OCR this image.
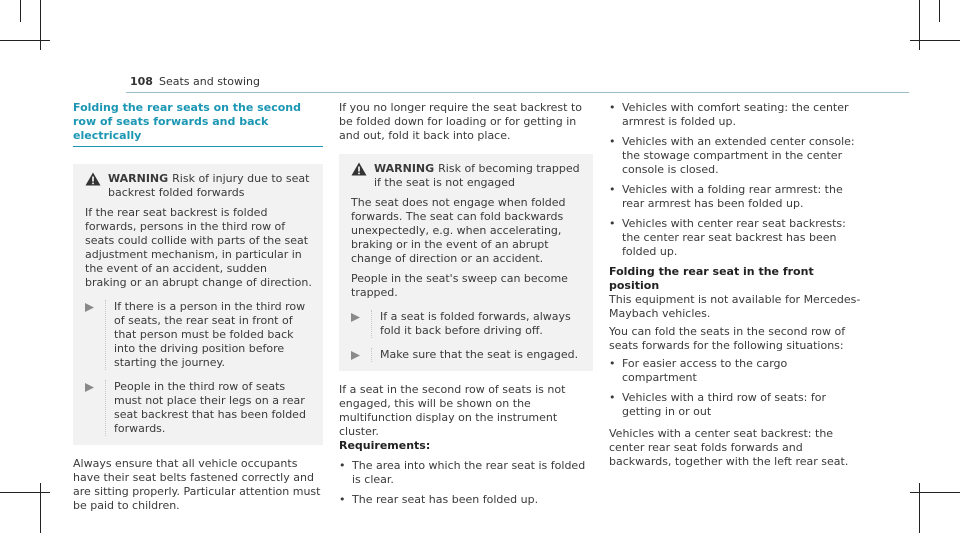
108 Seats and stowing
Folding the rear seats on the second row of seats forwards and back electrically
WARNING Risk of injury due to seat backrest folded forwards

If the rear seat backrest is folded forwards, persons in the third row of seats could collide with parts of the seat adjustment mechanism, in particular in the event of an accident, sudden braking or an abrupt change of direction.

If there is a person in the third row of seats, the rear seat in front of that person must be folded back into the driving position before starting the journey.
People in the third row of seats must not place their legs on a rear seat backrest that has been folded forwards.

Always ensure that all vehicle occupants have their seat belts fastened correctly and are sitting properly. Particular attention must be paid to children.

If you no longer require the seat backrest to be folded down for loading or for getting in and out, fold it back into place.

WARNING Risk of becoming trapped if the seat is not engaged

The seat does not engage when folded forwards. The seat can fold backwards unexpectedly, e.g. when accelerating, braking or in the event of an abrupt change of direction or an accident.

People in the seat's sweep can become trapped.

If a seat is folded forwards, always fold it back before driving off.
Make sure that the seat is engaged.

If a seat in the second row of seats is not engaged, this will be shown on the multifunction display on the instrument cluster.

Requirements:
• The area into which the rear seat is folded is clear.
• The rear seat has been folded up.
• Vehicles with comfort seating: the center armrest is folded up.
• Vehicles with an extended center console: the stowage compartment in the center console is closed.
• Vehicles with a folding rear armrest: the rear armrest has been folded up.
• Vehicles with center rear seat backrests: the center rear seat backrest has been folded up.
Folding the rear seat in the front position

This equipment is not available for Mercedes-Maybach vehicles.

You can fold the seats in the second row of seats forwards for the following situations:

• For easier access to the cargo compartment
• Vehicles with a third row of seats: for getting in or out

Vehicles with a center seat backrest: the center rear seat folds forwards and backwards, together with the left rear seat.
